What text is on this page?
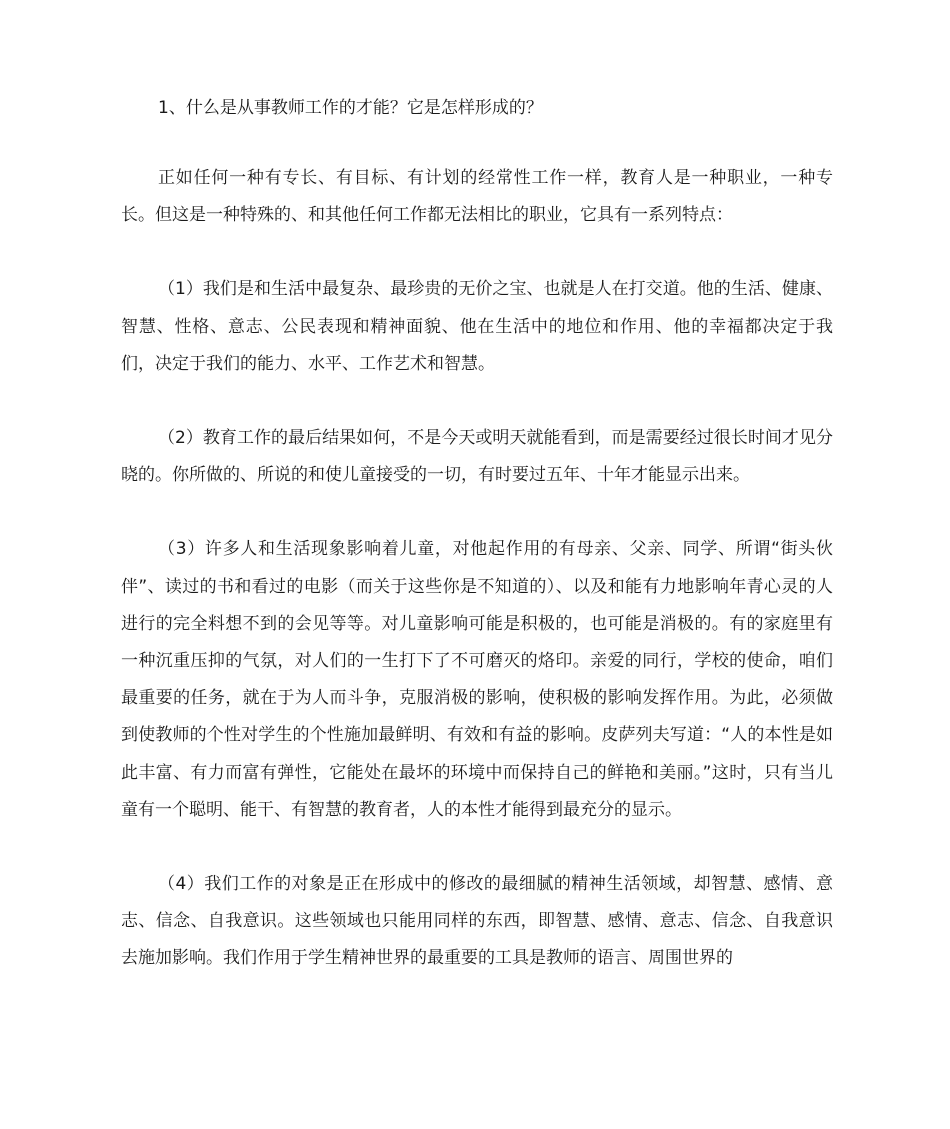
1、什么是从事教师工作的才能？它是怎样形成的？

正如任何一种有专长、有目标、有计划的经常性工作一样，教育人是一种职业，一种专长。但这是一种特殊的、和其他任何工作都无法相比的职业，它具有一系列特点：

（1）我们是和生活中最复杂、最珍贵的无价之宝、也就是人在打交道。他的生活、健康、智慧、性格、意志、公民表现和精神面貌、他在生活中的地位和作用、他的幸福都决定于我们，决定于我们的能力、水平、工作艺术和智慧。

（2）教育工作的最后结果如何，不是今天或明天就能看到，而是需要经过很长时间才见分晓的。你所做的、所说的和使儿童接受的一切，有时要过五年、十年才能显示出来。

（3）许多人和生活现象影响着儿童，对他起作用的有母亲、父亲、同学、所谓“街头伙伴”、读过的书和看过的电影（而关于这些你是不知道的）、以及和能有力地影响年青心灵的人进行的完全料想不到的会见等等。对儿童影响可能是积极的，也可能是消极的。有的家庭里有一种沉重压抑的气氛，对人们的一生打下了不可磨灭的烙印。亲爱的同行，学校的使命，咱们最重要的任务，就在于为人而斗争，克服消极的影响，使积极的影响发挥作用。为此，必须做到使教师的个性对学生的个性施加最鲜明、有效和有益的影响。皮萨列夫写道：“人的本性是如此丰富、有力而富有弹性，它能处在最坏的环境中而保持自己的鲜艳和美丽。”这时，只有当儿童有一个聪明、能干、有智慧的教育者，人的本性才能得到最充分的显示。

（4）我们工作的对象是正在形成中的修改的最细腻的精神生活领域，却智慧、感情、意志、信念、自我意识。这些领域也只能用同样的东西，即智慧、感情、意志、信念、自我意识去施加影响。我们作用于学生精神世界的最重要的工具是教师的语言、周围世界的
